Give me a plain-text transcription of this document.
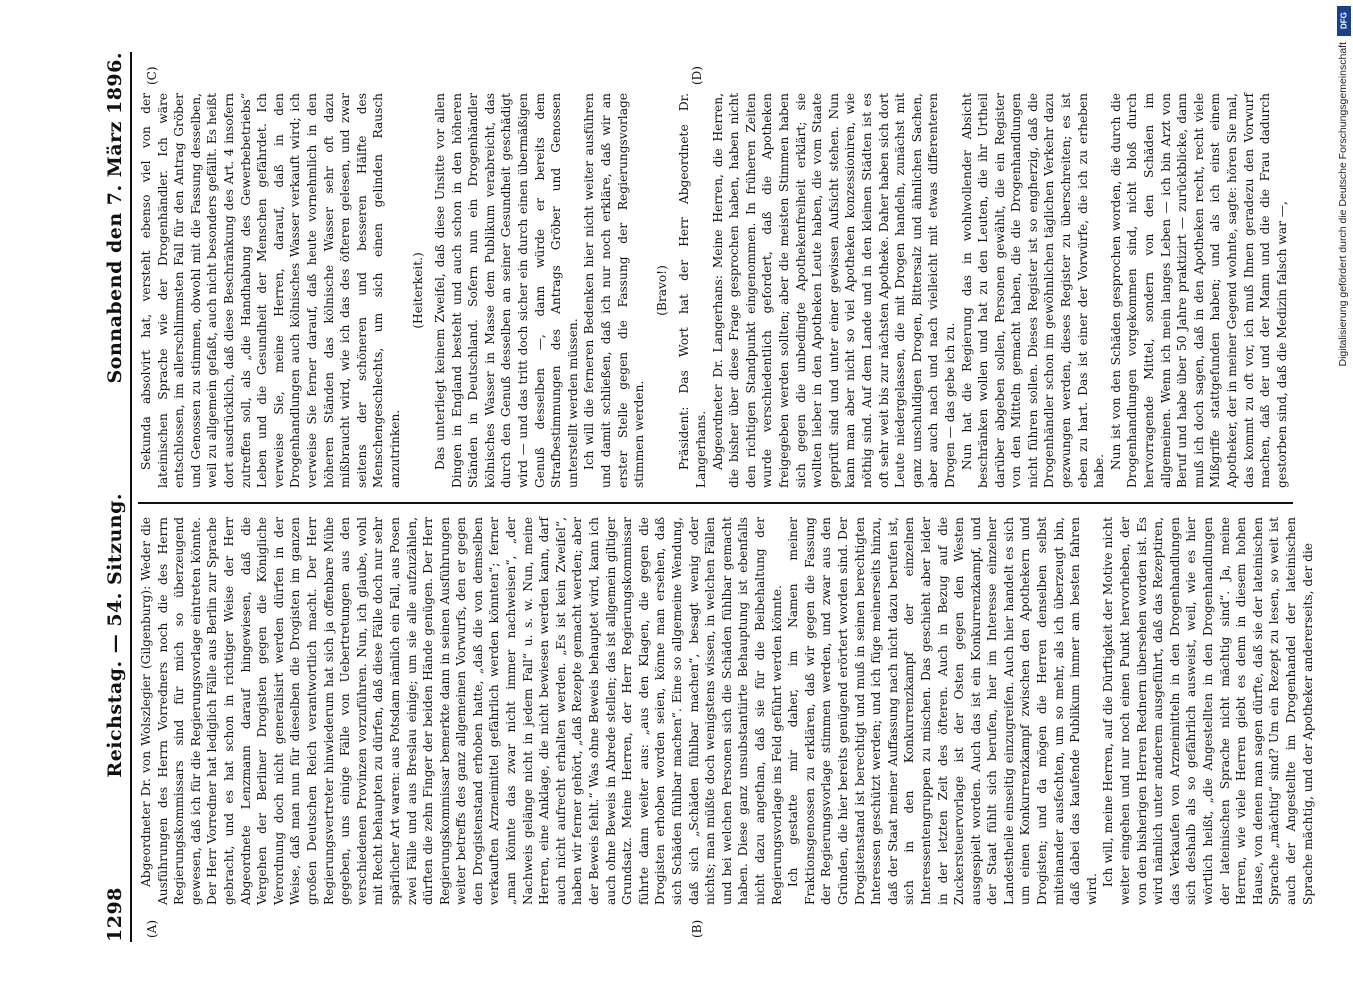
1298
Reichstag. — 54. Sitzung.
Sonnabend den 7. März 1896.
(A)	(B)
(C)	(D)

Abgeordneter Dr. von Wolszlegier (Gilgenburg): Weder die Ausführungen des Herrn Vorredners noch die des Herrn Regierungskommissars sind für mich so überzeugend gewesen, daß ich für die Regierungsvorlage eintreten könnte. Der Herr Vorredner hat lediglich Fälle aus Berlin zur Sprache gebracht, und es hat schon in richtiger Weise der Herr Abgeordnete Lenzmann darauf hingewiesen, daß die Vergehen der Berliner Drogisten gegen die Königliche Verordnung doch nicht generalisirt werden dürfen in der Weise, daß man nun für dieselben die Drogisten im ganzen großen Deutschen Reich verantwortlich macht. Der Herr Regierungsvertreter hinwiederum hat sich ja offenbare Mühe gegeben, uns einige Fälle von Uebertretungen aus den verschiedenen Provinzen vorzuführen. Nun, ich glaube, wohl mit Recht behaupten zu dürfen, daß diese Fälle doch nur sehr spärlicher Art waren: aus Potsdam nämlich ein Fall, aus Posen zwei Fälle und aus Breslau einige; um sie alle aufzuzählen, dürften die zehn Finger der beiden Hände genügen. Der Herr Regierungskommissar bemerkte dann in seinen Ausführungen weiter betreffs des ganz allgemeinen Vorwurfs, den er gegen den Drogistenstand erhoben hatte, „daß die von demselben verkauften Arzneimittel gefährlich werden könnten“; ferner „man könnte das zwar nicht immer nachweisen“, „der Nachweis gelänge nicht in jedem Fall“ u. s. w. Nun, meine Herren, eine Anklage, die nicht bewiesen werden kann, darf auch nicht aufrecht erhalten werden. „Es ist kein Zweifel“, haben wir ferner gehört, „daß Rezepte gemacht werden; aber der Beweis fehlt.“ Was ohne Beweis behauptet wird, kann ich auch ohne Beweis in Abrede stellen; das ist allgemein giltiger Grundsatz. Meine Herren, der Herr Regierungskommissar führte dann weiter aus: „aus den Klagen, die gegen die Drogisten erhoben worden seien, könne man ersehen, daß sich Schäden fühlbar machen“. Eine so allgemeine Wendung, daß sich „Schäden fühlbar machen“, besagt wenig oder nichts; man müßte doch wenigstens wissen, in welchen Fällen und bei welchen Personen sich die Schäden fühlbar gemacht haben. Diese ganz unsubstantiirte Behauptung ist ebenfalls nicht dazu angethan, daß sie für die Beibehaltung der Regierungsvorlage ins Feld geführt werden könnte. Ich gestatte mir daher, im Namen meiner Fraktionsgenossen zu erklären, daß wir gegen die Fassung der Regierungsvorlage stimmen werden, und zwar aus den Gründen, die hier bereits genügend erörtert worden sind. Der Drogistenstand ist berechtigt und muß in seinen berechtigten Interessen geschützt werden; und ich füge meinerseits hinzu, daß der Staat meiner Auffassung nach nicht dazu berufen ist, sich in den Konkurrenzkampf der einzelnen Interessentengruppen zu mischen. Das geschieht aber leider in der letzten Zeit des öfteren. Auch in Bezug auf die Zuckersteuervorlage ist der Osten gegen den Westen ausgespielt worden. Auch das ist ein Konkurrenzkampf, und der Staat fühlt sich berufen, hier im Interesse einzelner Landestheile einseitig einzugreifen. Auch hier handelt es sich um einen Konkurrenzkampf zwischen den Apothekern und Drogisten; und da mögen die Herren denselben selbst miteinander ausfechten, um so mehr, als ich überzeugt bin, daß dabei das kaufende Publikum immer am besten fahren wird.

Ich will, meine Herren, auf die Dürftigkeit der Motive nicht weiter eingehen und nur noch einen Punkt hervorheben, der von den bisherigen Herren Rednern übersehen worden ist. Es wird nämlich unter anderem ausgeführt, daß das Rezeptiren, das Verkaufen von Arzneimitteln in den Drogenhandlungen sich deshalb als so gefährlich ausweist, weil, wie es hier wörtlich heißt, „die Angestellten in den Drogenhandlungen der lateinischen Sprache nicht mächtig sind“. Ja, meine Herren, wie viele Herren giebt es denn in diesem hohen Hause, von denen man sagen dürfte, daß sie der lateinischen Sprache „mächtig“ sind? Um ein Rezept zu lesen, so weit ist auch der Angestellte im Drogenhandel der lateinischen Sprache mächtig, und der Apotheker andererseits, der die

Sekunda absolvirt hat, versteht ebenso viel von der lateinischen Sprache wie der Drogenhändler. Ich wäre entschlossen, im allerschlimmsten Fall für den Antrag Gröber und Genossen zu stimmen, obwohl mit die Fassung desselben, weil zu allgemein gefaßt, auch nicht besonders gefällt. Es heißt dort ausdrücklich, daß diese Beschränkung des Art. 4 insofern zutreffen soll, als „die Handhabung des Gewerbebetriebs“ Leben und die Gesundheit der Menschen gefährdet. Ich verweise Sie, meine Herren, darauf, daß in den Drogenhandlungen auch kölnisches Wasser verkauft wird; ich verweise Sie ferner darauf, daß heute vornehmlich in den höheren Ständen das kölnische Wasser sehr oft dazu mißbraucht wird, wie ich das des öfteren gelesen, und zwar seitens der schöneren und besseren Hälfte des Menschengeschlechts, um sich einen gelinden Rausch anzutrinken.

(Heiterkeit.) Das unterliegt keinem Zweifel, daß diese Unsitte vor allen Dingen in England besteht und auch schon in den höheren Ständen in Deutschland. Sofern nun ein Drogenhändler kölnisches Wasser in Masse dem Publikum verabreicht, das durch den Genuß desselben an seiner Gesundheit geschädigt wird — und das tritt doch sicher ein durch einen übermäßigen Genuß desselben —, dann würde er bereits dem Strafbestimmungen des Antrags Gröber und Genossen unterstellt werden müssen. Ich will die ferneren Bedenken hier nicht weiter ausführen und damit schließen, daß ich nur noch erkläre, daß wir an erster Stelle gegen die Fassung der Regierungsvorlage stimmen werden.

(Bravo!) Präsident: Das Wort hat der Herr Abgeordnete Dr. Langerhans. Abgeordneter Dr. Langerhans: Meine Herren, die Herren, die bisher über diese Frage gesprochen haben, haben nicht den richtigen Standpunkt eingenommen. In früheren Zeiten wurde verschiedentlich gefordert, daß die Apotheken freigegeben werden sollten; aber die meisten Stimmen haben sich gegen die unbedingte Apothekenfreiheit erklärt; sie wollten lieber in den Apotheken Leute haben, die vom Staate geprüft sind und unter einer gewissen Aufsicht stehen. Nun kann man aber nicht so viel Apotheken konzessioniren, wie nöthig sind. Auf dem Lande und in den kleinen Städten ist es oft sehr weit bis zur nächsten Apotheke. Daher haben sich dort Leute niedergelassen, die mit Drogen handeln, zunächst mit ganz unschuldigen Drogen, Bittersalz und ähnlichen Sachen, aber auch nach und nach vielleicht mit etwas differenteren Drogen — das gebe ich zu. Nun hat die Regierung das in wohlwollender Absicht beschränken wollen und hat zu den Leuten, die ihr Urtheil darüber abgeben sollen, Personen gewählt, die ein Register von den Mitteln gemacht haben, die die Drogenhandlungen nicht führen sollen. Dieses Register ist so engherzig, daß die Drogenhändler schon im gewöhnlichen täglichen Verkehr dazu gezwungen werden, dieses Register zu überschreiten; es ist eben zu hart. Das ist einer der Vorwürfe, die ich zu erheben habe.

Nun ist von den Schäden gesprochen worden, die durch die Drogenhandlungen vorgekommen sind, nicht bloß durch hervorragende Mittel, sondern von den Schäden im allgemeinen. Wenn ich mein langes Leben — ich bin Arzt von Beruf und habe über 50 Jahre praktizirt — zurückblicke, dann muß ich doch sagen, daß in den Apotheken recht, recht viele Mißgriffe stattgefunden haben; und als ich einst einem Apotheker, der in meiner Gegend wohnte, sagte: hören Sie mal, das kommt zu oft vor, ich muß Ihnen geradezu den Vorwurf machen, daß der und der Mann und die die Frau dadurch gestorben sind, daß die Medizin falsch war —,

DFG
Digitalisierung gefördert durch die Deutsche Forschungsgemeinschaft
